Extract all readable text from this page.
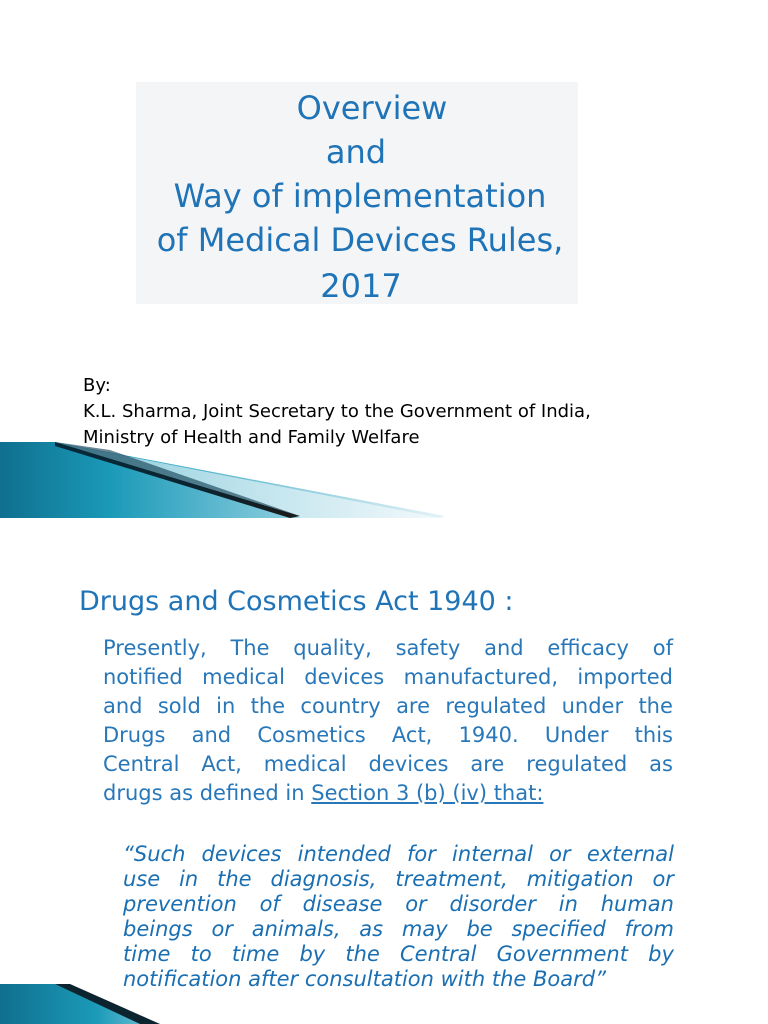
Overview
and
Way of implementation
of Medical Devices Rules,
2017
By:
K.L. Sharma, Joint Secretary to the Government of India,
Ministry of Health and Family Welfare
Drugs and Cosmetics Act 1940 :
Presently, The quality, safety and efficacy of
notified medical devices manufactured, imported
and sold in the country are regulated under the
Drugs and Cosmetics Act, 1940. Under this
Central Act, medical devices are regulated as
drugs as defined in Section 3 (b) (iv) that:
“Such devices intended for internal or external
use in the diagnosis, treatment, mitigation or
prevention of disease or disorder in human
beings or animals, as may be specified from
time to time by the Central Government by
notification after consultation with the Board”
